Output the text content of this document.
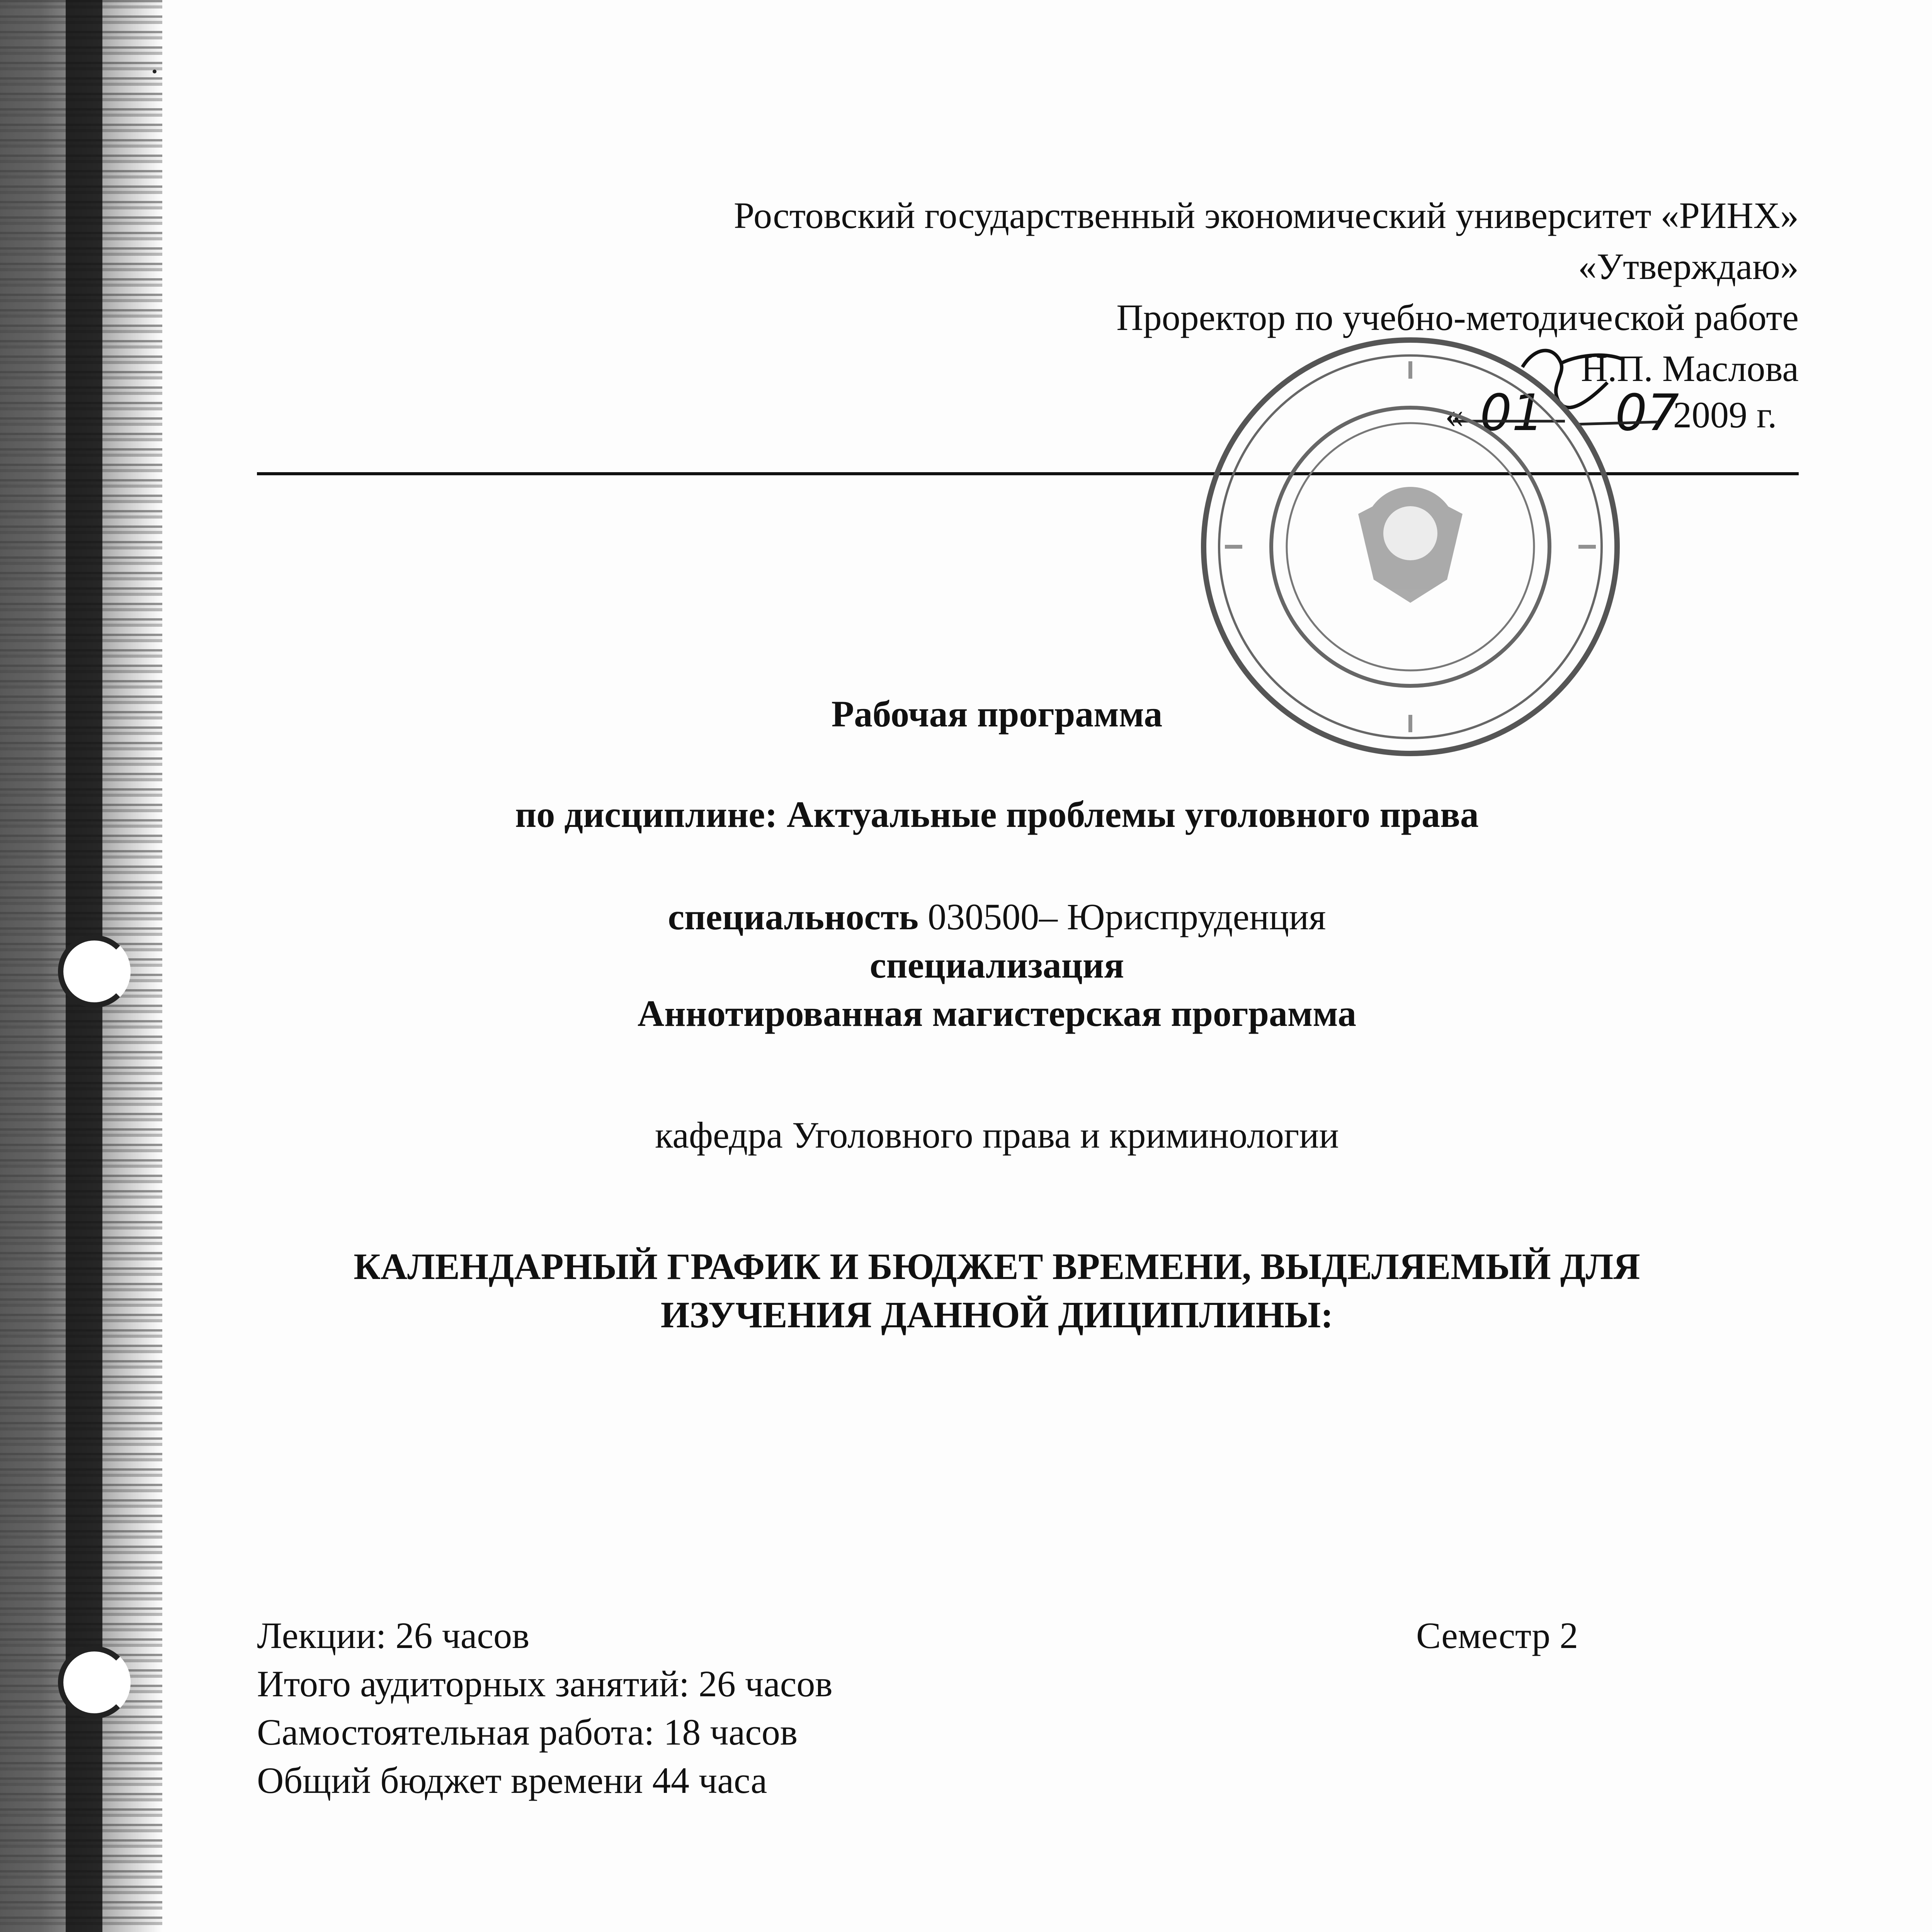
Ростовский государственный экономический университет «РИНХ»
«Утверждаю»
Проректор по учебно-методической работе
Н.П. Маслова
« 01 07
2009 г.
Рабочая программа
по дисциплине: Актуальные проблемы уголовного права
специальность 030500– Юриспруденция
специализация
Аннотированная магистерская программа
кафедра Уголовного права и криминологии
КАЛЕНДАРНЫЙ ГРАФИК И БЮДЖЕТ ВРЕМЕНИ, ВЫДЕЛЯЕМЫЙ ДЛЯ
ИЗУЧЕНИЯ ДАННОЙ ДИЦИПЛИНЫ:
Лекции: 26 часов	Семестр 2
Итого аудиторных занятий: 26 часов
Самостоятельная работа: 18 часов
Общий бюджет времени 44 часа
